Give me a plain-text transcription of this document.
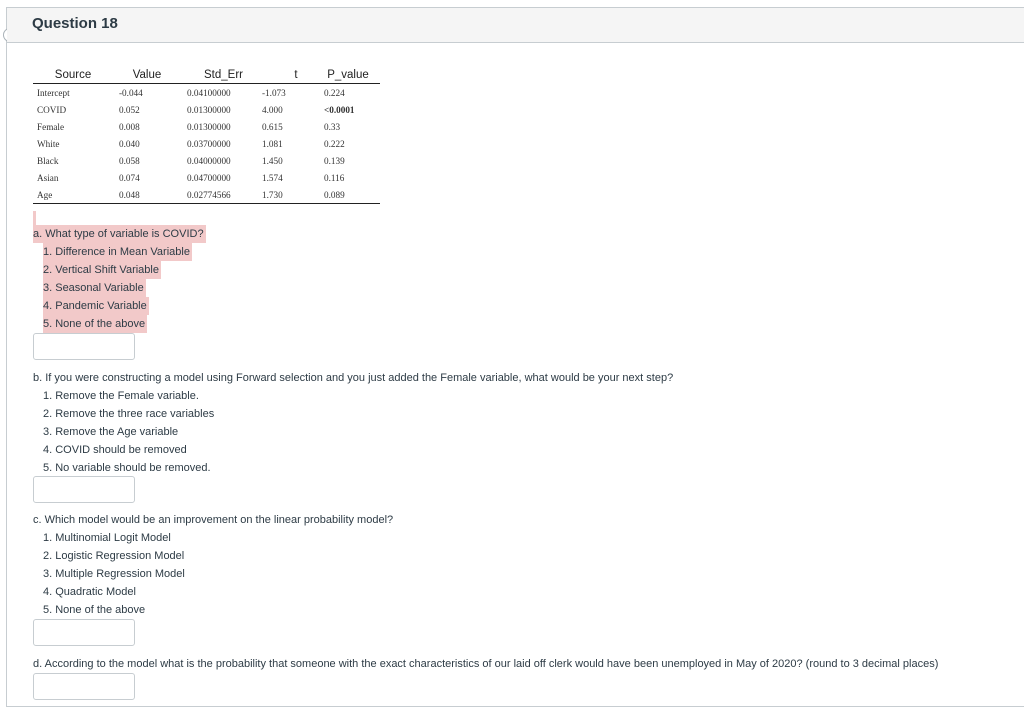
Question 18
Source	Value	Std_Err	t	P_value
Intercept	-0.044	0.04100000	-1.073	0.224
COVID	0.052	0.01300000	4.000	<0.0001
Female	0.008	0.01300000	0.615	0.33
White	0.040	0.03700000	1.081	0.222
Black	0.058	0.04000000	1.450	0.139
Asian	0.074	0.04700000	1.574	0.116
Age	0.048	0.02774566	1.730	0.089
a. What type of variable is COVID?
1. Difference in Mean Variable
2. Vertical Shift Variable
3. Seasonal Variable
4. Pandemic Variable
5. None of the above
b. If you were constructing a model using Forward selection and you just added the Female variable, what would be your next step?
1. Remove the Female variable.
2. Remove the three race variables
3. Remove the Age variable
4. COVID should be removed
5. No variable should be removed.
c. Which model would be an improvement on the linear probability model?
1. Multinomial Logit Model
2. Logistic Regression Model
3. Multiple Regression Model
4. Quadratic Model
5. None of the above
d. According to the model what is the probability that someone with the exact characteristics of our laid off clerk would have been unemployed in May of 2020? (round to 3 decimal places)
